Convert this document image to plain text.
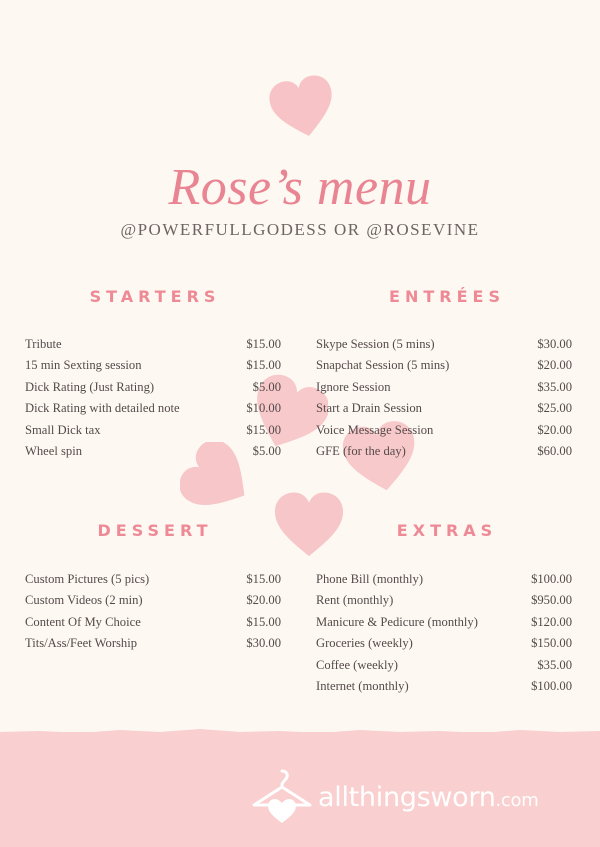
Rose’s menu
@POWERFULLGODESS OR @ROSEVINE
STARTERS	ENTRÉES
DESSERT	EXTRAS
Tribute	$15.00
15 min Sexting session	$15.00
Dick Rating (Just Rating)	$5.00
Dick Rating with detailed note	$10.00
Small Dick tax	$15.00
Wheel spin	$5.00
Skype Session (5 mins)	$30.00
Snapchat Session (5 mins)	$20.00
Ignore Session	$35.00
Start a Drain Session	$25.00
Voice Message Session	$20.00
GFE (for the day)	$60.00
Custom Pictures (5 pics)	$15.00
Custom Videos (2 min)	$20.00
Content Of My Choice	$15.00
Tits/Ass/Feet Worship	$30.00
Phone Bill (monthly)	$100.00
Rent (monthly)	$950.00
Manicure & Pedicure (monthly)	$120.00
Groceries (weekly)	$150.00
Coffee (weekly)	$35.00
Internet (monthly)	$100.00
allthingsworn.com
